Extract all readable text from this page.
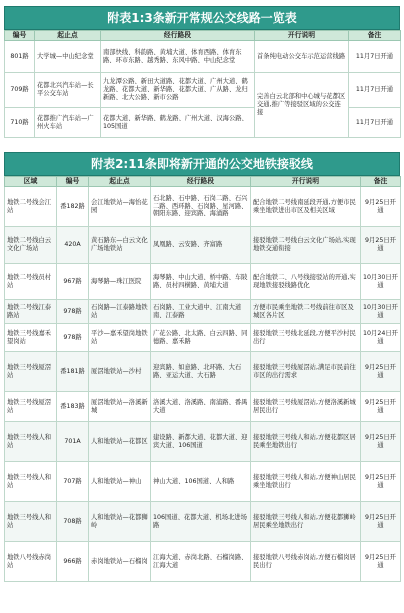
附表1:3条新开常规公交线路一览表
编号	起止点	经行路段	开行说明	备注
801路	大学城—中山纪念堂	南部快线、科韵路、黄埔大道、体育西路、体育东路、环市东路、越秀路、东风中路、中山纪念堂	首条纯电动公交车示范运营线路	11月7日开通
709路	花都北兴汽车站—长平公交车站	九龙潭公路、新田大道路、花都大道、广州大道、鹤龙路、花都大道、新华路、花都大道、广从路、龙归新路、北大公路、新市公路	完善白云北部和中心城与花都区交通,推广等接驳区域的公交连接	11月7日开通
710路	花都推广汽车站—广州火车站	花都大道、新华路、鹤龙路、广州大道、汉海公路、105国道		11月7日开通
附表2:11条即将新开通的公交地铁接驳线
区域	编号	起止点	经行路段	开行说明	备注
地铁二号线会江站	番182路	会江地铁站—海怡花园	石北路、石中路、石岗二路、石兴二路、西环路、石岗路、星河路、朝阳东路、迎宾路、海涌路	配合地铁二号线南延段开通,方便市民乘坐地铁进出市区及相关区域	9月25日开通
地铁二号线白云文化广场站	420A	黄石路东—白云文化广场地铁站	凤凰路、云安路、齐富路	接驳地铁二号线白云文化广场站,实现地铁交通衔接	9月25日开通
地铁二号线员村站	967路	海琴路—珠江医院	海琴路、中山大道、桥中路、车陂路、员村四横路、黄埔大道	配合地铁二、八号线接驳站的开通,实现地铁接驳线路优化	10月30日开通
地铁二号线江泰路站	978路	石岗路—江泰路地铁站	石岗路、工业大道中、江南大道南、江泰路	方便市民乘坐地铁二号线前往市区及城区各片区	10月30日开通
地铁三号线嘉禾望岗站	978路	平沙—嘉禾望岗地铁站	广花公路、北太路、白云四路、同德路、嘉禾路	接驳地铁三号线北延段,方便平沙村民出行	10月24日开通
地铁三号线厦滘站	番181路	厦滘地铁站—沙村	迎宾路、如意路、北环路、大石路、亚运大道、大石路	接驳地铁三号线厦滘站,满足市民前往市区的出行需求	9月25日开通
地铁三号线厦滘站	番183路	厦滘地铁站—洛溪新城	洛溪大道、洛溪路、南浦路、番禺大道	接驳地铁三号线厦滘站,方便洛溪新城居民出行	9月25日开通
地铁三号线人和站	701A	人和地铁站—花都区	建设路、新都大道、花都大道、迎宾大道、106国道	接驳地铁三号线人和站,方便花都区居民乘坐地铁出行	9月25日开通
地铁三号线人和站	707路	人和地铁站—神山	神山大道、106国道、人和路	接驳地铁三号线人和站,方便神山居民乘坐地铁出行	9月25日开通
地铁三号线人和站	708路	人和地铁站—花都狮岭	106国道、花都大道、机场北进场路	接驳地铁三号线人和站,方便花都狮岭居民乘坐地铁出行	9月25日开通
地铁八号线赤岗站	966路	赤岗地铁站—石榴岗	江海大道、赤岗北路、石榴岗路、江海大道	接驳地铁八号线赤岗站,方便石榴岗居民出行	9月25日开通
